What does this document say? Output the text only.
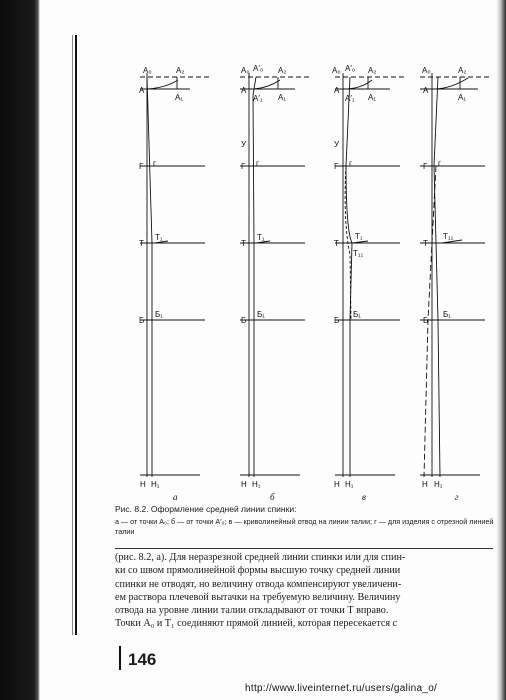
A₀	A₂
A
A₁
Г г
Т
Т₁
Б
Б₁
Н Н₁
а
A₀ A′₀ A₂
A
A′₁ A₁
У
Г г
Т
Т₁
Б
Б₁
Н Н₁
б
A₀ A′₀ A₂
A
A′₁ A₁
У
Г г
Т
Т₁
Т₁₁
Б
Б₁
Н Н₁
в
A₀	A₂
A
A₁
Г г
Т
Т₁₁
Б
Б₁
Н Н₁
г

Рис. 8.2. Оформление средней линии спинки:

а — от точки A₀; б — от точки A′₀; в — криволинейный отвод на линии талии; г — для изделия с отрезной линией талии

(рис. 8.2, а). Для неразрезной средней линии спинки или для спин-
ки со швом прямолинейной формы высшую точку средней линии
спинки не отводят, но величину отвода компенсируют увеличени-
ем раствора плечевой вытачки на требуемую величину. Величину
отвода на уровне линии талии откладывают от точки Т вправо.
Точки A₀ и Т₁ соединяют прямой линией, которая пересекается с

146
http://www.liveinternet.ru/users/galina_o/
